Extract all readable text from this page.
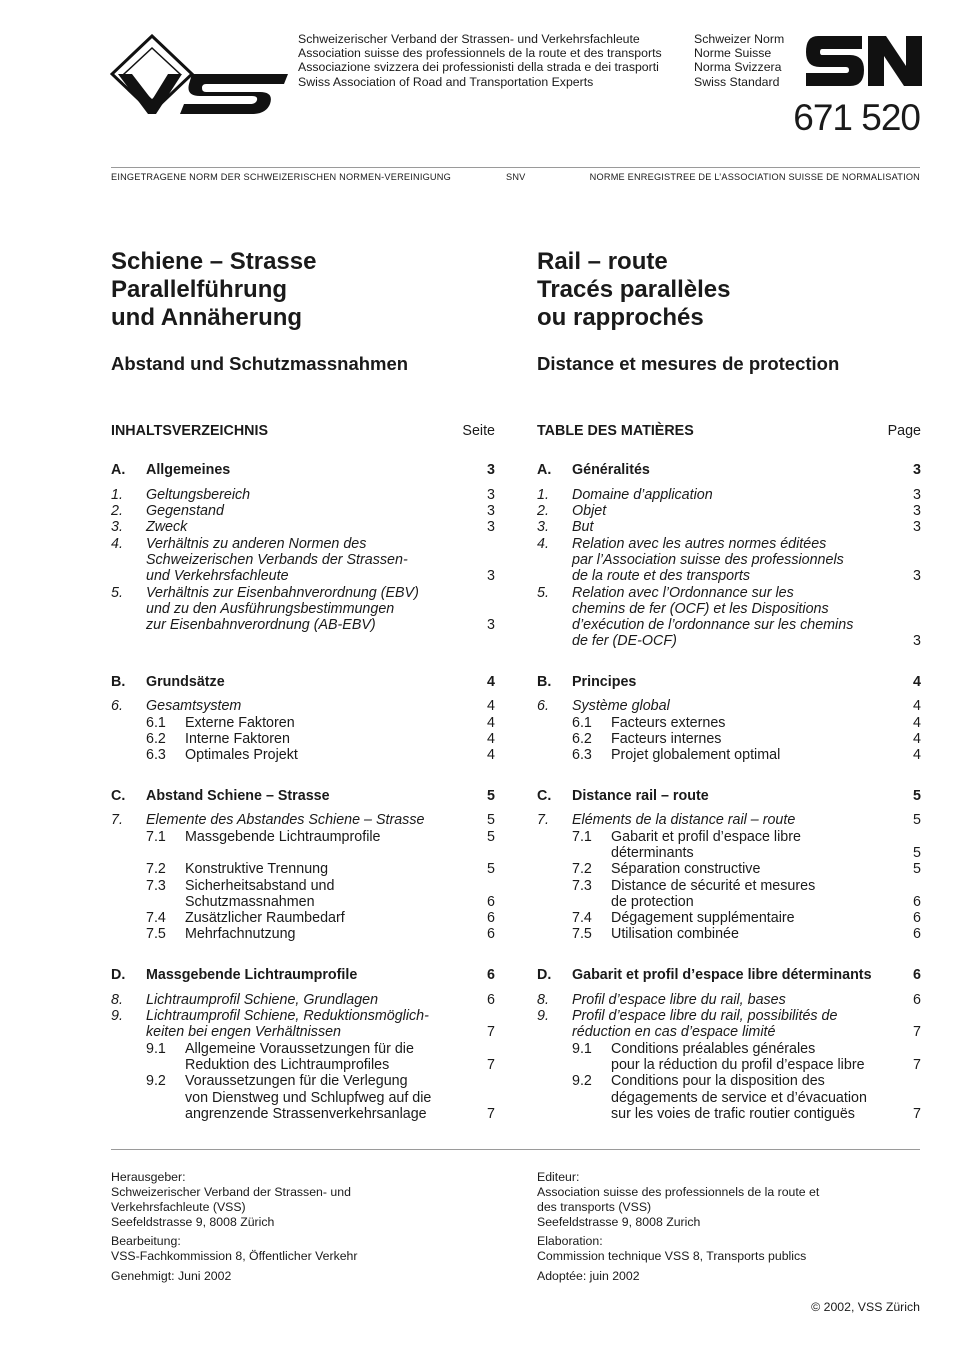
Schweizerischer Verband der Strassen- und Verkehrsfachleute
Association suisse des professionnels de la route et des transports
Associazione svizzera dei professionisti della strada e dei trasporti
Swiss Association of Road and Transportation Experts
Schweizer Norm
Norme Suisse
Norma Svizzera
Swiss Standard
671 520
EINGETRAGENE NORM DER SCHWEIZERISCHEN NORMEN-VEREINIGUNG	SNV	NORME ENREGISTREE DE L’ASSOCIATION SUISSE DE NORMALISATION
Schiene – Strasse
Parallelführung
und Annäherung
Rail – route
Tracés parallèles
ou rapprochés
Abstand und Schutzmassnahmen	Distance et mesures de protection
INHALTSVERZEICHNIS	Seite	TABLE DES MATIÈRES	Page
A. Allgemeines	3
1. Geltungsbereich	3
2. Gegenstand	3
3. Zweck	3
4. Verhältnis zu anderen Normen des
Schweizerischen Verbands der Strassen-
und Verkehrsfachleute	3
5. Verhältnis zur Eisenbahnverordnung (EBV)
und zu den Ausführungsbestimmungen
zur Eisenbahnverordnung (AB-EBV)	3
B. Grundsätze	4
6. Gesamtsystem	4
6.1 Externe Faktoren	4
6.2 Interne Faktoren	4
6.3 Optimales Projekt	4
C. Abstand Schiene – Strasse	5
7. Elemente des Abstandes Schiene – Strasse	5
7.1 Massgebende Lichtraumprofile	5
7.2 Konstruktive Trennung	5
7.3 Sicherheitsabstand und
Schutzmassnahmen	6
7.4 Zusätzlicher Raumbedarf	6
7.5 Mehrfachnutzung	6
D. Massgebende Lichtraumprofile	6
8. Lichtraumprofil Schiene, Grundlagen	6
9. Lichtraumprofil Schiene, Reduktionsmöglich-
keiten bei engen Verhältnissen	7
9.1 Allgemeine Voraussetzungen für die
Reduktion des Lichtraumprofiles	7
9.2 Voraussetzungen für die Verlegung
von Dienstweg und Schlupfweg auf die
angrenzende Strassenverkehrsanlage	7
A. Généralités	3
1. Domaine d’application	3
2. Objet	3
3. But	3
4. Relation avec les autres normes éditées
par l’Association suisse des professionnels
de la route et des transports	3
5. Relation avec l’Ordonnance sur les
chemins de fer (OCF) et les Dispositions
d’exécution de l’ordonnance sur les chemins
de fer (DE-OCF)	3
B. Principes	4
6. Système global	4
6.1 Facteurs externes	4
6.2 Facteurs internes	4
6.3 Projet globalement optimal	4
C. Distance rail – route	5
7. Eléments de la distance rail – route	5
7.1 Gabarit et profil d’espace libre
déterminants	5
7.2 Séparation constructive	5
7.3 Distance de sécurité et mesures
de protection	6
7.4 Dégagement supplémentaire	6
7.5 Utilisation combinée	6
D. Gabarit et profil d’espace libre déterminants	6
8. Profil d’espace libre du rail, bases	6
9. Profil d’espace libre du rail, possibilités de
réduction en cas d’espace limité	7
9.1 Conditions préalables générales
pour la réduction du profil d’espace libre	7
9.2 Conditions pour la disposition des
dégagements de service et d’évacuation
sur les voies de trafic routier contiguës	7
Herausgeber:
Schweizerischer Verband der Strassen- und
Verkehrsfachleute (VSS)
Seefeldstrasse 9, 8008 Zürich
Bearbeitung:
VSS-Fachkommission 8, Öffentlicher Verkehr
Genehmigt: Juni 2002
Editeur:
Association suisse des professionnels de la route et
des transports (VSS)
Seefeldstrasse 9, 8008 Zurich
Elaboration:
Commission technique VSS 8, Transports publics
Adoptée: juin 2002
© 2002, VSS Zürich
